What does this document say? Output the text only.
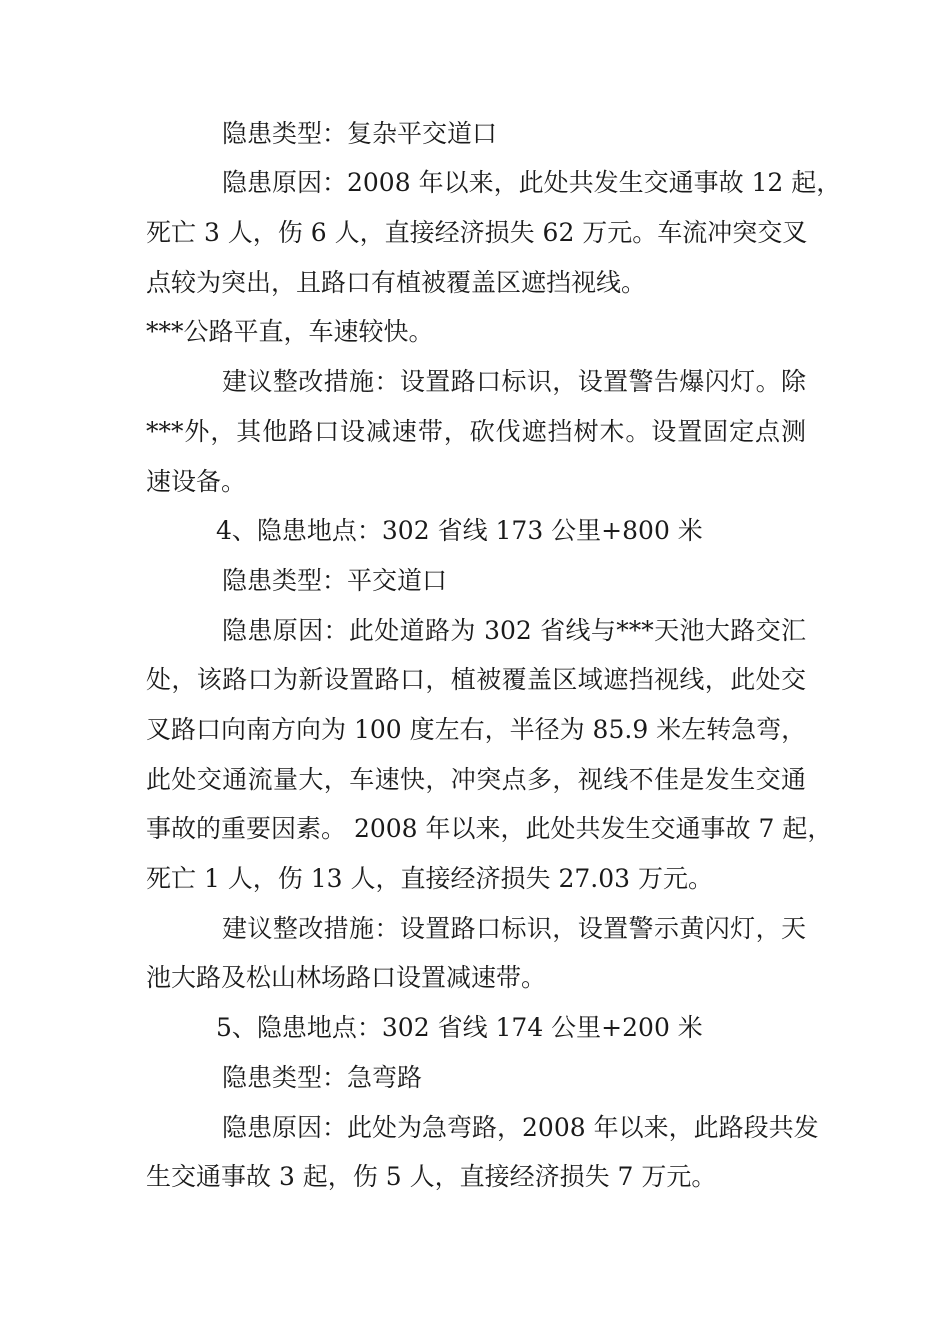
隐患类型：复杂平交道口
隐患原因：2008 年以来，此处共发生交通事故 12 起，
死亡 3 人，伤 6 人，直接经济损失 62 万元。车流冲突交叉
点较为突出，且路口有植被覆盖区遮挡视线。
***公路平直，车速较快。
建议整改措施：设置路口标识，设置警告爆闪灯。除
***外，其他路口设减速带，砍伐遮挡树木。设置固定点测
速设备。
4、隐患地点：302 省线 173 公里+800 米
隐患类型：平交道口
隐患原因：此处道路为 302 省线与***天池大路交汇
处，该路口为新设置路口，植被覆盖区域遮挡视线，此处交
叉路口向南方向为 100 度左右，半径为 85.9 米左转急弯，
此处交通流量大，车速快，冲突点多，视线不佳是发生交通
事故的重要因素。 2008 年以来，此处共发生交通事故 7 起，
死亡 1 人，伤 13 人，直接经济损失 27.03 万元。
建议整改措施：设置路口标识，设置警示黄闪灯，天
池大路及松山林场路口设置减速带。
5、隐患地点：302 省线 174 公里+200 米
隐患类型：急弯路
隐患原因：此处为急弯路，2008 年以来，此路段共发
生交通事故 3 起，伤 5 人，直接经济损失 7 万元。
